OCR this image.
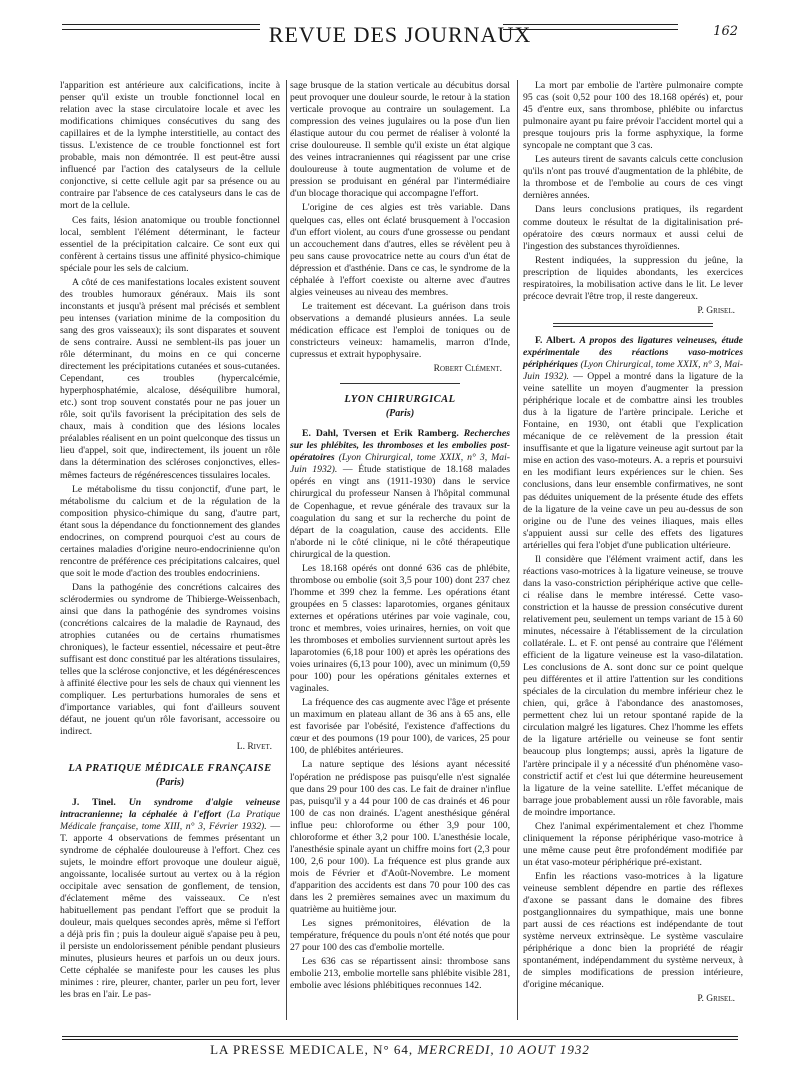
REVUE DES JOURNAUX	162

l'apparition est antérieure aux calcifications, incite à penser qu'il existe un trouble fonctionnel local en relation avec la stase circulatoire locale et avec les modifications chimiques consécutives du sang des capillaires et de la lymphe interstitielle, au contact des tissus. L'existence de ce trouble fonctionnel est fort probable, mais non démontrée. Il est peut-être aussi influencé par l'action des catalyseurs de la cellule conjonctive, si cette cellule agit par sa présence ou au contraire par l'absence de ces catalyseurs dans le cas de mort de la cellule.

Ces faits, lésion anatomique ou trouble fonctionnel local, semblent l'élément déterminant, le facteur essentiel de la précipitation calcaire. Ce sont eux qui confèrent à certains tissus une affinité physico-chimique spéciale pour les sels de calcium.

A côté de ces manifestations locales existent souvent des troubles humoraux généraux. Mais ils sont inconstants et jusqu'à présent mal précisés et semblent peu intenses (variation minime de la composition du sang des gros vaisseaux); ils sont disparates et souvent de sens contraire. Aussi ne semblent-ils pas jouer un rôle déterminant, du moins en ce qui concerne directement les précipitations cutanées et sous-cutanées. Cependant, ces troubles (hypercalcémie, hyperphosphatémie, alcalose, déséquilibre humoral, etc.) sont trop souvent constatés pour ne pas jouer un rôle, soit qu'ils favorisent la précipitation des sels de chaux, mais à condition que des lésions locales préalables réalisent en un point quelconque des tissus un lieu d'appel, soit que, indirectement, ils jouent un rôle dans la détermination des scléroses conjonctives, elles-mêmes facteurs de régénérescences tissulaires locales.

Le métabolisme du tissu conjonctif, d'une part, le métabolisme du calcium et de la régulation de la composition physico-chimique du sang, d'autre part, étant sous la dépendance du fonctionnement des glandes endocrines, on comprend pourquoi c'est au cours de certaines maladies d'origine neuro-endocrinienne qu'on rencontre de préférence ces précipitations calcaires, quel que soit le mode d'action des troubles endocriniens.

Dans la pathogénie des concrétions calcaires des sclérodermies ou syndrome de Thibierge-Weissenbach, ainsi que dans la pathogénie des syndromes voisins (concrétions calcaires de la maladie de Raynaud, des atrophies cutanées ou de certains rhumatismes chroniques), le facteur essentiel, nécessaire et peut-être suffisant est donc constitué par les altérations tissulaires, telles que la sclérose conjonctive, et les dégénérescences à affinité élective pour les sels de chaux qui viennent les compliquer. Les perturbations humorales de sens et d'importance variables, qui font d'ailleurs souvent défaut, ne jouent qu'un rôle favorisant, accessoire ou indirect.

L. Rivet.
LA PRATIQUE MÉDICALE FRANÇAISE
(Paris)

J. Tinel. Un syndrome d'algie veineuse intracranienne; la céphalée à l'effort (La Pratique Médicale française, tome XIII, n° 3, Février 1932). — T. apporte 4 observations de femmes présentant un syndrome de céphalée douloureuse à l'effort. Chez ces sujets, le moindre effort provoque une douleur aiguë, angoissante, localisée surtout au vertex ou à la région occipitale avec sensation de gonflement, de tension, d'éclatement même des vaisseaux. Ce n'est habituellement pas pendant l'effort que se produit la douleur, mais quelques secondes après, même si l'effort a déjà pris fin ; puis la douleur aiguë s'apaise peu à peu, il persiste un endolorissement pénible pendant plusieurs minutes, plusieurs heures et parfois un ou deux jours. Cette céphalée se manifeste pour les causes les plus minimes : rire, pleurer, chanter, parler un peu fort, lever les bras en l'air. Le pas-

sage brusque de la station verticale au décubitus dorsal peut provoquer une douleur sourde, le retour à la station verticale provoque au contraire un soulagement. La compression des veines jugulaires ou la pose d'un lien élastique autour du cou permet de réaliser à volonté la crise douloureuse. Il semble qu'il existe un état algique des veines intracraniennes qui réagissent par une crise douloureuse à toute augmentation de volume et de pression se produisant en général par l'intermédiaire d'un blocage thoracique qui accompagne l'effort.

L'origine de ces algies est très variable. Dans quelques cas, elles ont éclaté brusquement à l'occasion d'un effort violent, au cours d'une grossesse ou pendant un accouchement dans d'autres, elles se révèlent peu à peu sans cause provocatrice nette au cours d'un état de dépression et d'asthénie. Dans ce cas, le syndrome de la céphalée à l'effort coexiste ou alterne avec d'autres algies veineuses au niveau des membres.

Le traitement est décevant. La guérison dans trois observations a demandé plusieurs années. La seule médication efficace est l'emploi de toniques ou de constricteurs veineux: hamamelis, marron d'Inde, cupressus et extrait hypophysaire.

Robert Clément.
LYON CHIRURGICAL
(Paris)

E. Dahl, Tversen et Erik Ramberg. Recherches sur les phlébites, les thromboses et les embolies post-opératoires (Lyon Chirurgical, tome XXIX, n° 3, Mai-Juin 1932). — Étude statistique de 18.168 malades opérés en vingt ans (1911-1930) dans le service chirurgical du professeur Nansen à l'hôpital communal de Copenhague, et revue générale des travaux sur la coagulation du sang et sur la recherche du point de départ de la coagulation, cause des accidents. Elle n'aborde ni le côté clinique, ni le côté thérapeutique chirurgical de la question.

Les 18.168 opérés ont donné 636 cas de phlébite, thrombose ou embolie (soit 3,5 pour 100) dont 237 chez l'homme et 399 chez la femme. Les opérations étant groupées en 5 classes: laparotomies, organes génitaux externes et opérations utérines par voie vaginale, cou, tronc et membres, voies urinaires, hernies, on voit que les thromboses et embolies surviennent surtout après les laparotomies (6,18 pour 100) et après les opérations des voies urinaires (6,13 pour 100), avec un minimum (0,59 pour 100) pour les opérations génitales externes et vaginales.

La fréquence des cas augmente avec l'âge et présente un maximum en plateau allant de 36 ans à 65 ans, elle est favorisée par l'obésité, l'existence d'affections du cœur et des poumons (19 pour 100), de varices, 25 pour 100, de phlébites antérieures.

La nature septique des lésions ayant nécessité l'opération ne prédispose pas puisqu'elle n'est signalée que dans 29 pour 100 des cas. Le fait de drainer n'influe pas, puisqu'il y a 44 pour 100 de cas drainés et 46 pour 100 de cas non drainés. L'agent anesthésique général influe peu: chloroforme ou éther 3,9 pour 100, chloroforme et éther 3,2 pour 100. L'anesthésie locale, l'anesthésie spinale ayant un chiffre moins fort (2,3 pour 100, 2,6 pour 100). La fréquence est plus grande aux mois de Février et d'Août-Novembre. Le moment d'apparition des accidents est dans 70 pour 100 des cas dans les 2 premières semaines avec un maximum du quatrième au huitième jour.

Les signes prémonitoires, élévation de la température, fréquence du pouls n'ont été notés que pour 27 pour 100 des cas d'embolie mortelle.

Les 636 cas se répartissent ainsi: thrombose sans embolie 213, embolie mortelle sans phlébite visible 281, embolie avec lésions phlébitiques reconnues 142.

La mort par embolie de l'artère pulmonaire compte 95 cas (soit 0,52 pour 100 des 18.168 opérés) et, pour 45 d'entre eux, sans thrombose, phlébite ou infarctus pulmonaire ayant pu faire prévoir l'accident mortel qui a presque toujours pris la forme asphyxique, la forme syncopale ne comptant que 3 cas.

Les auteurs tirent de savants calculs cette conclusion qu'ils n'ont pas trouvé d'augmentation de la phlébite, de la thrombose et de l'embolie au cours de ces vingt dernières années.

Dans leurs conclusions pratiques, ils regardent comme douteux le résultat de la digitalinisation pré-opératoire des cœurs normaux et aussi celui de l'ingestion des substances thyroïdiennes.

Restent indiquées, la suppression du jeûne, la prescription de liquides abondants, les exercices respiratoires, la mobilisation active dans le lit. Le lever précoce devrait l'être trop, il reste dangereux.

P. Grisel.

F. Albert. A propos des ligatures veineuses, étude expérimentale des réactions vaso-motrices périphériques (Lyon Chirurgical, tome XXIX, n° 3, Mai-Juin 1932). — Oppel a montré dans la ligature de la veine satellite un moyen d'augmenter la pression périphérique locale et de combattre ainsi les troubles dus à la ligature de l'artère principale. Leriche et Fontaine, en 1930, ont établi que l'explication mécanique de ce relèvement de la pression était insuffisante et que la ligature veineuse agit surtout par la mise en action des vaso-moteurs. A. a repris et poursuivi en les modifiant leurs expériences sur le chien. Ses conclusions, dans leur ensemble confirmatives, ne sont pas déduites uniquement de la présente étude des effets de la ligature de la veine cave un peu au-dessus de son origine ou de l'une des veines iliaques, mais elles s'appuient aussi sur celle des effets des ligatures artérielles qui fera l'objet d'une publication ultérieure.

Il considère que l'élément vraiment actif, dans les réactions vaso-motrices à la ligature veineuse, se trouve dans la vaso-constriction périphérique active que celle-ci réalise dans le membre intéressé. Cette vaso-constriction et la hausse de pression consécutive durent relativement peu, seulement un temps variant de 15 à 60 minutes, nécessaire à l'établissement de la circulation collatérale. L. et F. ont pensé au contraire que l'élément efficient de la ligature veineuse est la vaso-dilatation. Les conclusions de A. sont donc sur ce point quelque peu différentes et il attire l'attention sur les conditions spéciales de la circulation du membre inférieur chez le chien, qui, grâce à l'abondance des anastomoses, permettent chez lui un retour spontané rapide de la circulation malgré les ligatures. Chez l'homme les effets de la ligature artérielle ou veineuse se font sentir beaucoup plus longtemps; aussi, après la ligature de l'artère principale il y a nécessité d'un phénomène vaso-constrictif actif et c'est lui que détermine heureusement la ligature de la veine satellite. L'effet mécanique de barrage joue probablement aussi un rôle favorable, mais de moindre importance.

Chez l'animal expérimentalement et chez l'homme cliniquement la réponse périphérique vaso-motrice à une même cause peut être profondément modifiée par un état vaso-moteur périphérique pré-existant.

Enfin les réactions vaso-motrices à la ligature veineuse semblent dépendre en partie des réflexes d'axone se passant dans le domaine des fibres postganglionnaires du sympathique, mais une bonne part aussi de ces réactions est indépendante de tout système nerveux extrinsèque. Le système vasculaire périphérique a donc bien la propriété de réagir spontanément, indépendamment du système nerveux, à de simples modifications de pression intérieure, d'origine mécanique.

P. Grisel.
LA PRESSE MEDICALE, N° 64, MERCREDI, 10 AOUT 1932
